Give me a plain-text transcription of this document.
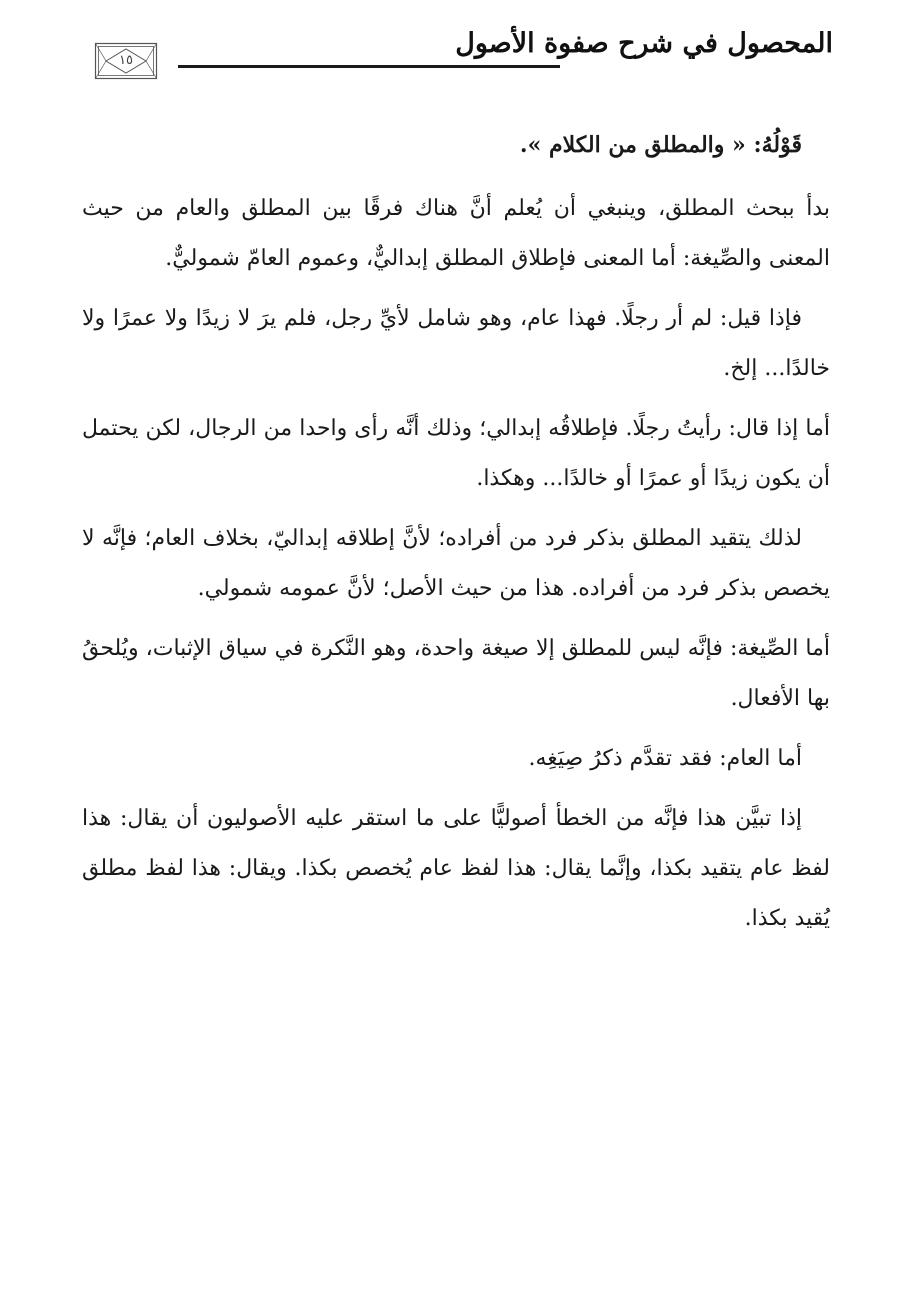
المحصول في شرح صفوة الأصول
١٥

قَوْلُهُ: « والمطلق من الكلام ».

بدأ ببحث المطلق، وينبغي أن يُعلم أنَّ هناك فرقًا بين المطلق والعام من حيث المعنى والصِّيغة: أما المعنى فإطلاق المطلق إبداليٌّ، وعموم العامّ شموليٌّ.

فإذا قيل: لم أر رجلًا. فهذا عام، وهو شامل لأيِّ رجل، فلم يرَ لا زيدًا ولا عمرًا ولا خالدًا... إلخ.

أما إذا قال: رأيتُ رجلًا. فإطلاقُه إبدالي؛ وذلك أنَّه رأى واحدا من الرجال، لكن يحتمل أن يكون زيدًا أو عمرًا أو خالدًا... وهكذا.

لذلك يتقيد المطلق بذكر فرد من أفراده؛ لأنَّ إطلاقه إبداليّ، بخلاف العام؛ فإنَّه لا يخصص بذكر فرد من أفراده. هذا من حيث الأصل؛ لأنَّ عمومه شمولي.

أما الصِّيغة: فإنَّه ليس للمطلق إلا صيغة واحدة، وهو النَّكرة في سياق الإثبات، ويُلحقُ بها الأفعال.

أما العام: فقد تقدَّم ذكرُ صِيَغِه.

إذا تبيَّن هذا فإنَّه من الخطأ أصوليًّا على ما استقر عليه الأصوليون أن يقال: هذا لفظ عام يتقيد بكذا، وإنَّما يقال: هذا لفظ عام يُخصص بكذا. ويقال: هذا لفظ مطلق يُقيد بكذا.
